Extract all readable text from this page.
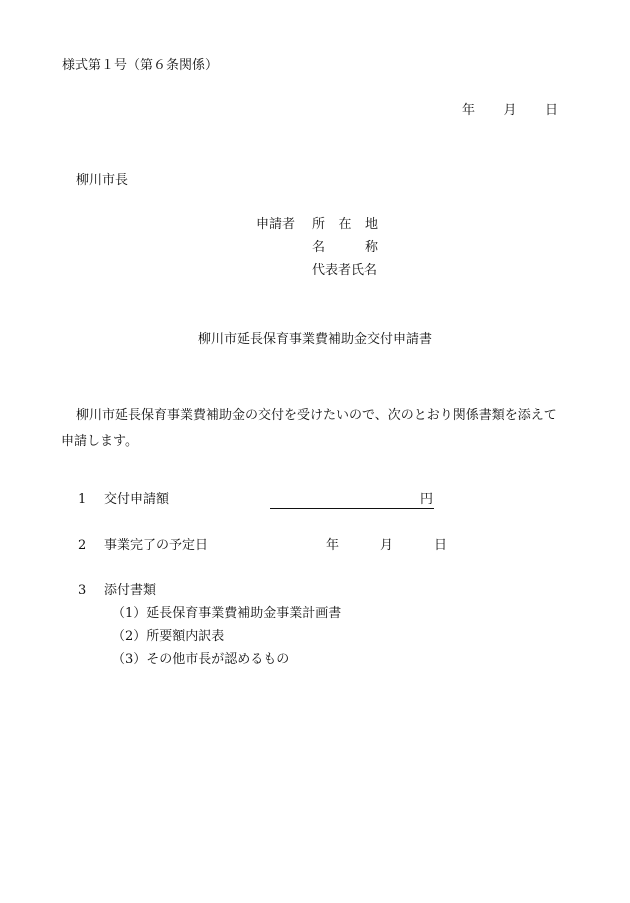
様式第１号（第６条関係）
年 月 日
柳川市長
申請者 所 在 地
名	称
代表者氏名
柳川市延長保育事業費補助金交付申請書
柳川市延長保育事業費補助金の交付を受けたいので、次のとおり関係書類を添えて申請します。
1 交付申請額	円
2 事業完了の予定日	年	月	日
3 添付書類
（1）延長保育事業費補助金事業計画書
（2）所要額内訳表
（3）その他市長が認めるもの
